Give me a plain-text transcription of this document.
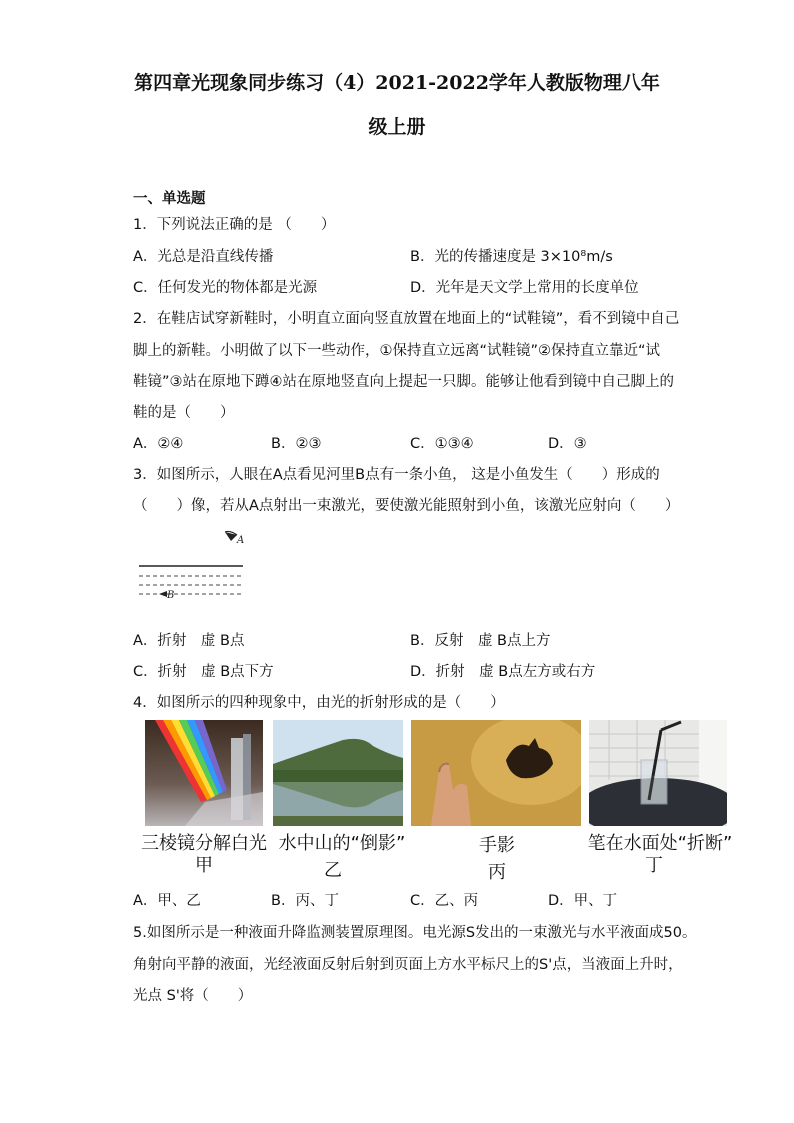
第四章光现象同步练习（4）2021-2022学年人教版物理八年
级上册
一、单选题
1．下列说法正确的是 （　　）
A．光总是沿直线传播	B．光的传播速度是 3×10⁸m/s
C．任何发光的物体都是光源	D．光年是天文学上常用的长度单位
2．在鞋店试穿新鞋时，小明直立面向竖直放置在地面上的“试鞋镜”，看不到镜中自己
脚上的新鞋。小明做了以下一些动作，①保持直立远离“试鞋镜”②保持直立靠近“试
鞋镜”③站在原地下蹲④站在原地竖直向上提起一只脚。能够让他看到镜中自己脚上的
鞋的是（　　）
A．②④	B．②③	C．①③④	D．③
3．如图所示，人眼在A点看见河里B点有一条小鱼， 这是小鱼发生（　　）形成的
（　　）像，若从A点射出一束激光，要使激光能照射到小鱼，该激光应射向（　　）
A
B
A．折射　虚 B点	B．反射　虚 B点上方
C．折射　虚 B点下方	D．折射　虚 B点左方或右方
4．如图所示的四种现象中，由光的折射形成的是（　　）
三棱镜分解白光
甲
水中山的“倒影”
乙
手影
丙
笔在水面处“折断”
丁
A．甲、乙	B．丙、丁	C．乙、丙	D．甲、丁
5.如图所示是一种液面升降监测装置原理图。电光源S发出的一束激光与水平液面成50。
角射向平静的液面，光经液面反射后射到页面上方水平标尺上的S'点，当液面上升时，
光点 S'将（　　）
